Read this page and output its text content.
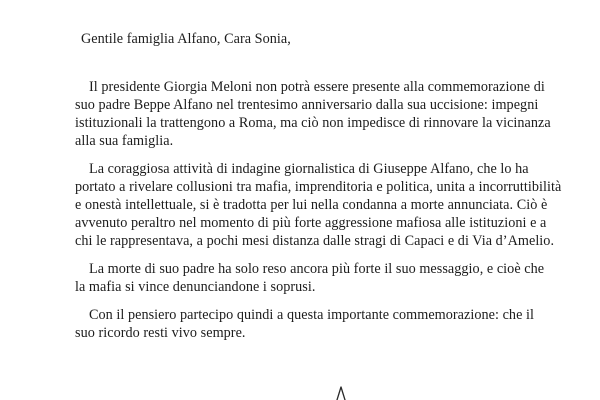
Gentile famiglia Alfano, Cara Sonia,

Il presidente Giorgia Meloni non potrà essere presente alla commemorazione di
suo padre Beppe Alfano nel trentesimo anniversario dalla sua uccisione: impegni
istituzionali la trattengono a Roma, ma ciò non impedisce di rinnovare la vicinanza
alla sua famiglia.
La coraggiosa attività di indagine giornalistica di Giuseppe Alfano, che lo ha
portato a rivelare collusioni tra mafia, imprenditoria e politica, unita a incorruttibilità
e onestà intellettuale, si è tradotta per lui nella condanna a morte annunciata. Ciò è
avvenuto peraltro nel momento di più forte aggressione mafiosa alle istituzioni e a
chi le rappresentava, a pochi mesi distanza dalle stragi di Capaci e di Via d’Amelio.
La morte di suo padre ha solo reso ancora più forte il suo messaggio, e cioè che
la mafia si vince denunciandone i soprusi.
Con il pensiero partecipo quindi a questa importante commemorazione: che il
suo ricordo resti vivo sempre.
